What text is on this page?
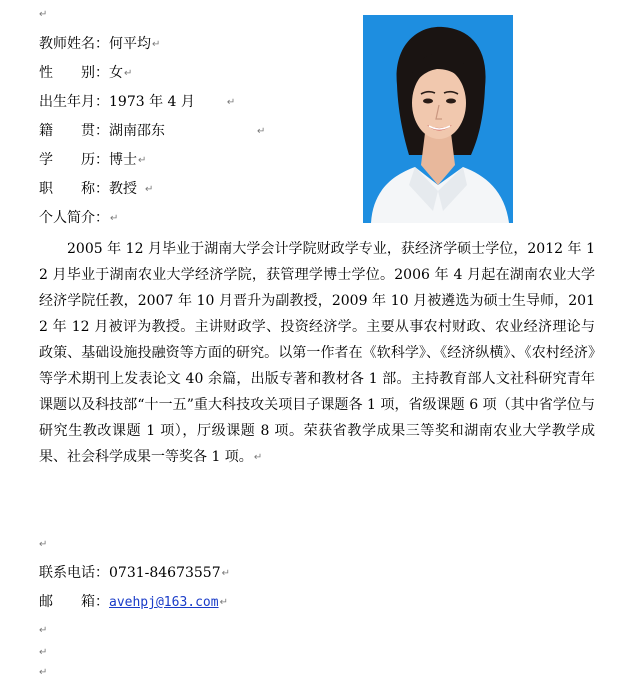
↵
教师姓名：何平均↵
性　　别：女↵
出生年月：1973 年 4 月	↵
籍　　贯：湖南邵东	↵
学　　历：博士↵
职　　称：教授 ↵
个人简介：↵
2005 年 12 月毕业于湖南大学会计学院财政学专业，获经济学硕士学位，2012 年 12 月毕业于湖南农业大学经济学院，获管理学博士学位。2006 年 4 月起在湖南农业大学经济学院任教，2007 年 10 月晋升为副教授，2009 年 10 月被遴选为硕士生导师，2012 年 12 月被评为教授。主讲财政学、投资经济学。主要从事农村财政、农业经济理论与政策、基础设施投融资等方面的研究。以第一作者在《软科学》、《经济纵横》、《农村经济》等学术期刊上发表论文 40 余篇，出版专著和教材各 1 部。主持教育部人文社科研究青年课题以及科技部“十一五”重大科技攻关项目子课题各 1 项，省级课题 6 项（其中省学位与研究生教改课题 1 项），厅级课题 8 项。荣获省教学成果三等奖和湖南农业大学教学成果、社会科学成果一等奖各 1 项。↵
↵
联系电话：0731-84673557↵
邮　　箱：avehpj@163.com↵
↵
↵
↵
